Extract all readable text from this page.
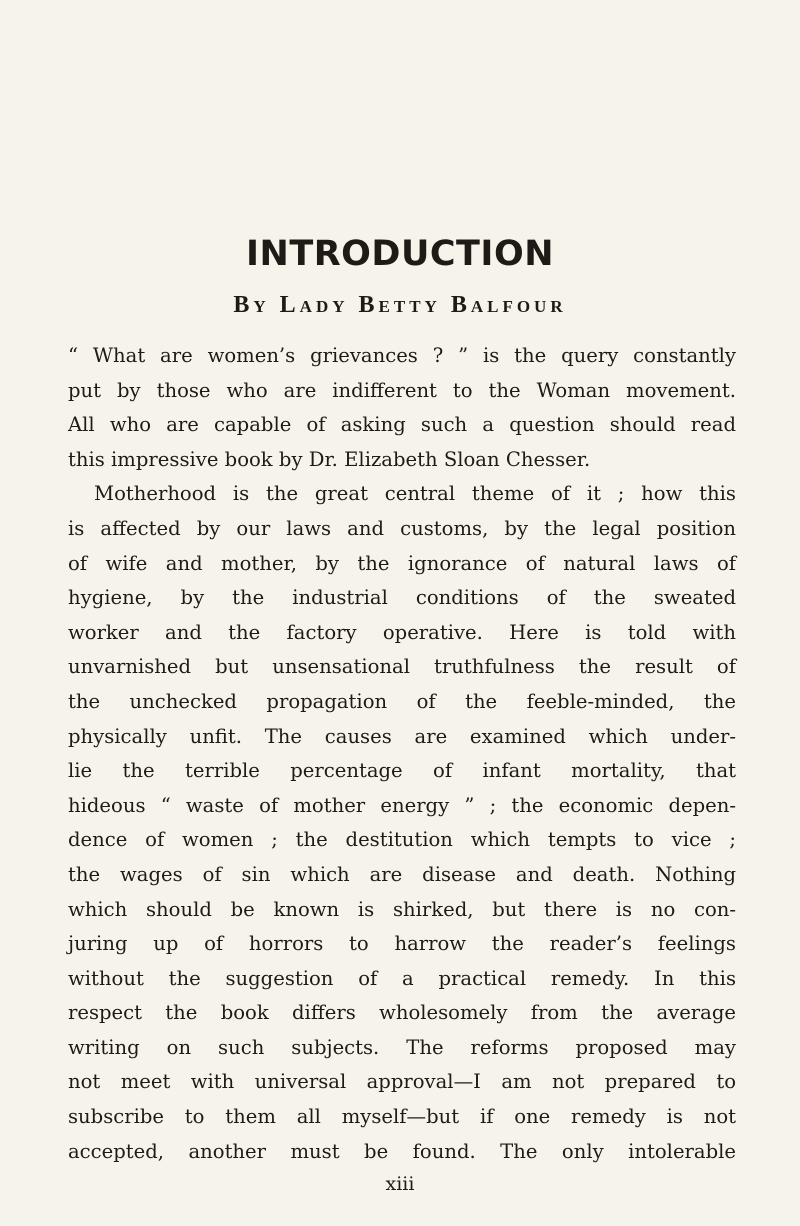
INTRODUCTION
By Lady Betty Balfour
“ What are women’s grievances ? ” is the query constantly
put by those who are indifferent to the Woman movement.
All who are capable of asking such a question should read
this impressive book by Dr. Elizabeth Sloan Chesser.
Motherhood is the great central theme of it ; how this
is affected by our laws and customs, by the legal position
of wife and mother, by the ignorance of natural laws of
hygiene, by the industrial conditions of the sweated
worker and the factory operative. Here is told with
unvarnished but unsensational truthfulness the result of
the unchecked propagation of the feeble-minded, the
physically unfit. The causes are examined which under-
lie the terrible percentage of infant mortality, that
hideous “ waste of mother energy ” ; the economic depen-
dence of women ; the destitution which tempts to vice ;
the wages of sin which are disease and death. Nothing
which should be known is shirked, but there is no con-
juring up of horrors to harrow the reader’s feelings
without the suggestion of a practical remedy. In this
respect the book differs wholesomely from the average
writing on such subjects. The reforms proposed may
not meet with universal approval—I am not prepared to
subscribe to them all myself—but if one remedy is not
accepted, another must be found. The only intolerable
xiii
